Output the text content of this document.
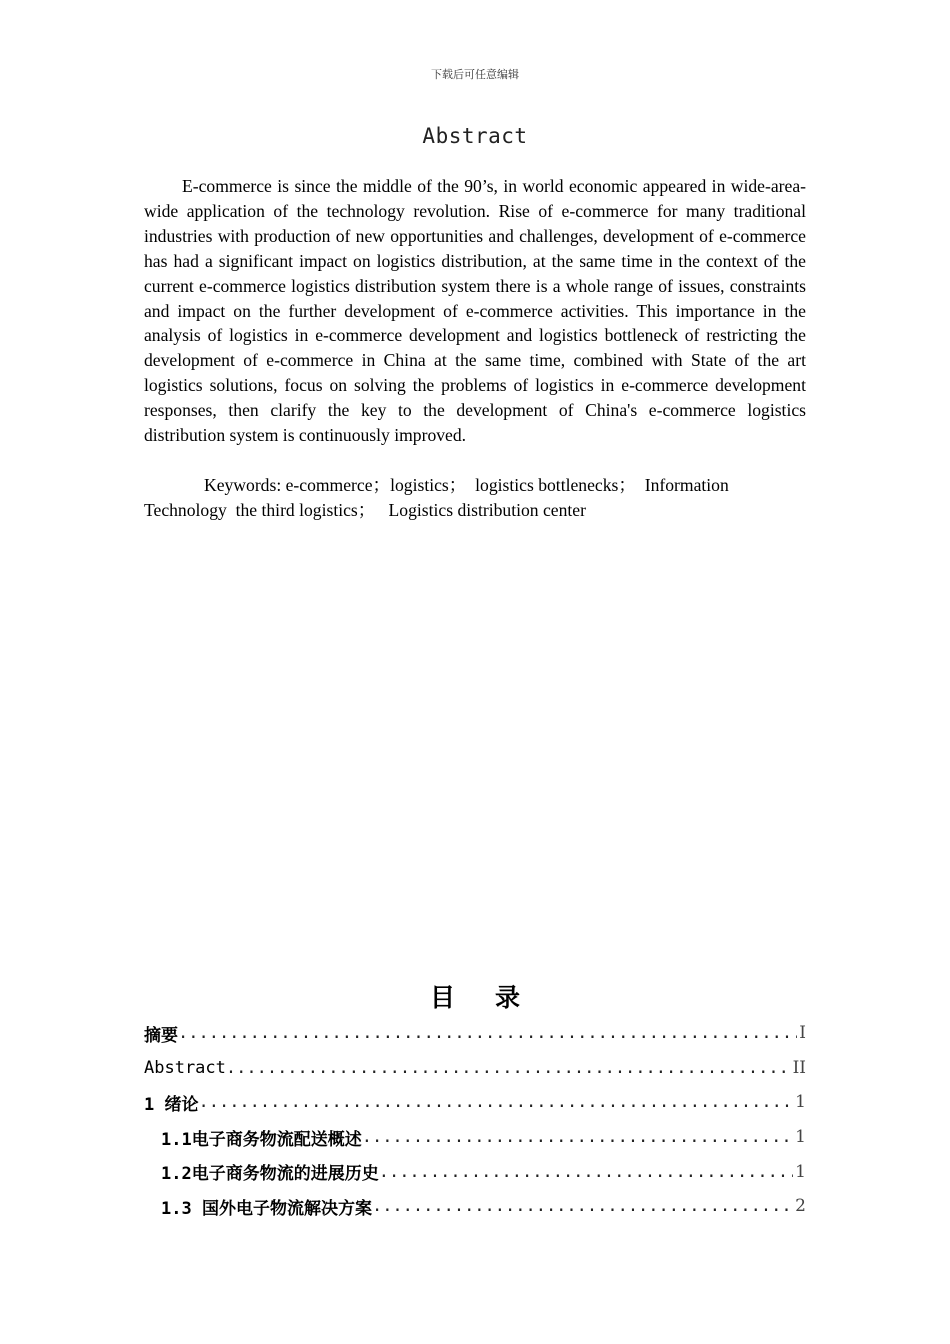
下载后可任意编辑
Abstract

E-commerce is since the middle of the 90’s, in world economic appeared in wide-area-wide application of the technology revolution. Rise of e-commerce for many traditional industries with production of new opportunities and challenges, development of e-commerce has had a significant impact on logistics distribution, at the same time in the context of the current e-commerce logistics distribution system there is a whole range of issues, constraints and impact on the further development of e-commerce activities. This importance in the analysis of logistics in e-commerce development and logistics bottleneck of restricting the development of e-commerce in China at the same time, combined with State of the art logistics solutions, focus on solving the problems of logistics in e-commerce development responses, then clarify the key to the development of China's e-commerce logistics distribution system is continuously improved.

Keywords: e-commerce；logistics；  logistics bottlenecks；  Information
Technology  the third logistics；   Logistics distribution center
目录
摘要 .....	I
Abstract .....	II
1 绪论 .....	1
1.1电子商务物流配送概述 .....	1
1.2电子商务物流的进展历史 .....	1
1.3 国外电子物流解决方案 .....	2
